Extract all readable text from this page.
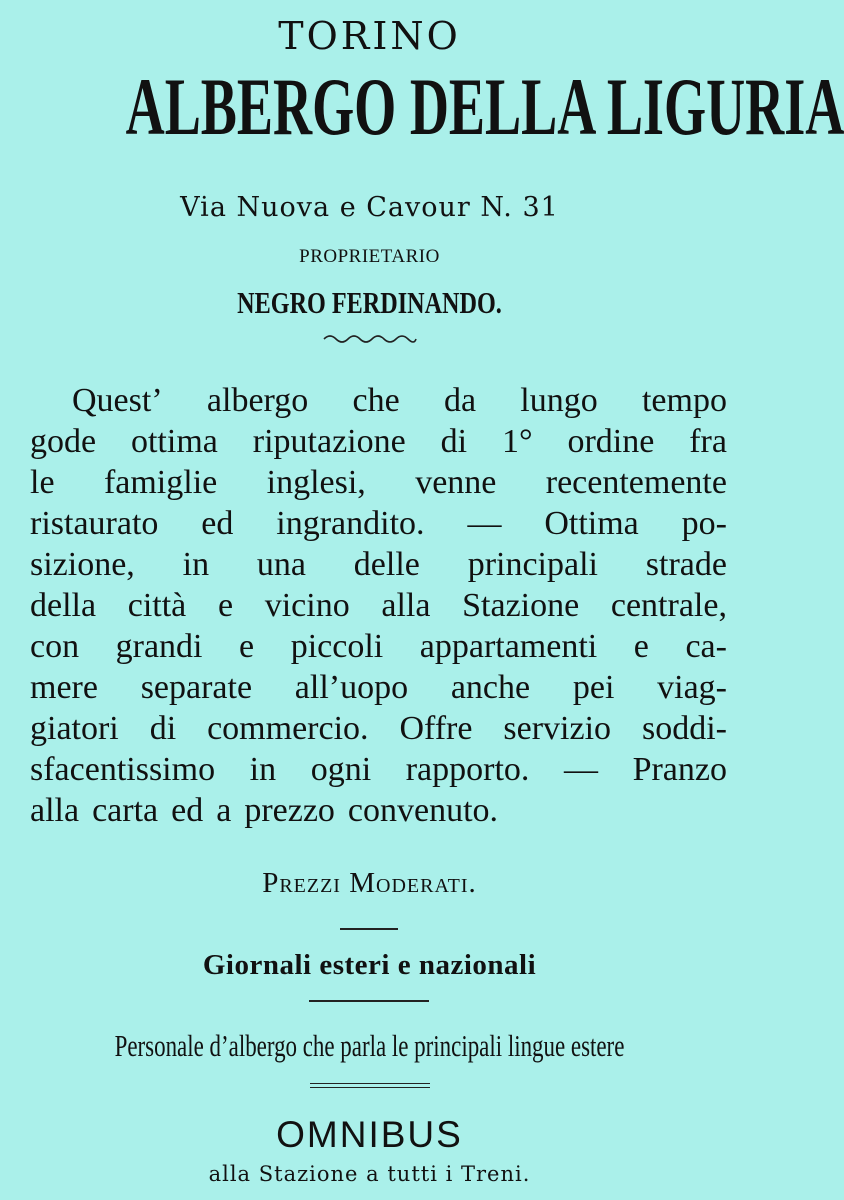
TORINO
ALBERGO DELLA LIGURIA
Via Nuova e Cavour N. 31
PROPRIETARIO
NEGRO FERDINANDO.
Quest’ albergo che da lungo tempo
gode ottima riputazione di 1° ordine fra
le famiglie inglesi, venne recentemente
ristaurato ed ingrandito. — Ottima po-
sizione, in una delle principali strade
della città e vicino alla Stazione centrale,
con grandi e piccoli appartamenti e ca-
mere separate all’uopo anche pei viag-
giatori di commercio. Offre servizio soddi-
sfacentissimo in ogni rapporto. — Pranzo
alla carta ed a prezzo convenuto.
Prezzi Moderati.
Giornali esteri e nazionali
Personale d’albergo che parla le principali lingue estere
OMNIBUS
alla Stazione a tutti i Treni.
